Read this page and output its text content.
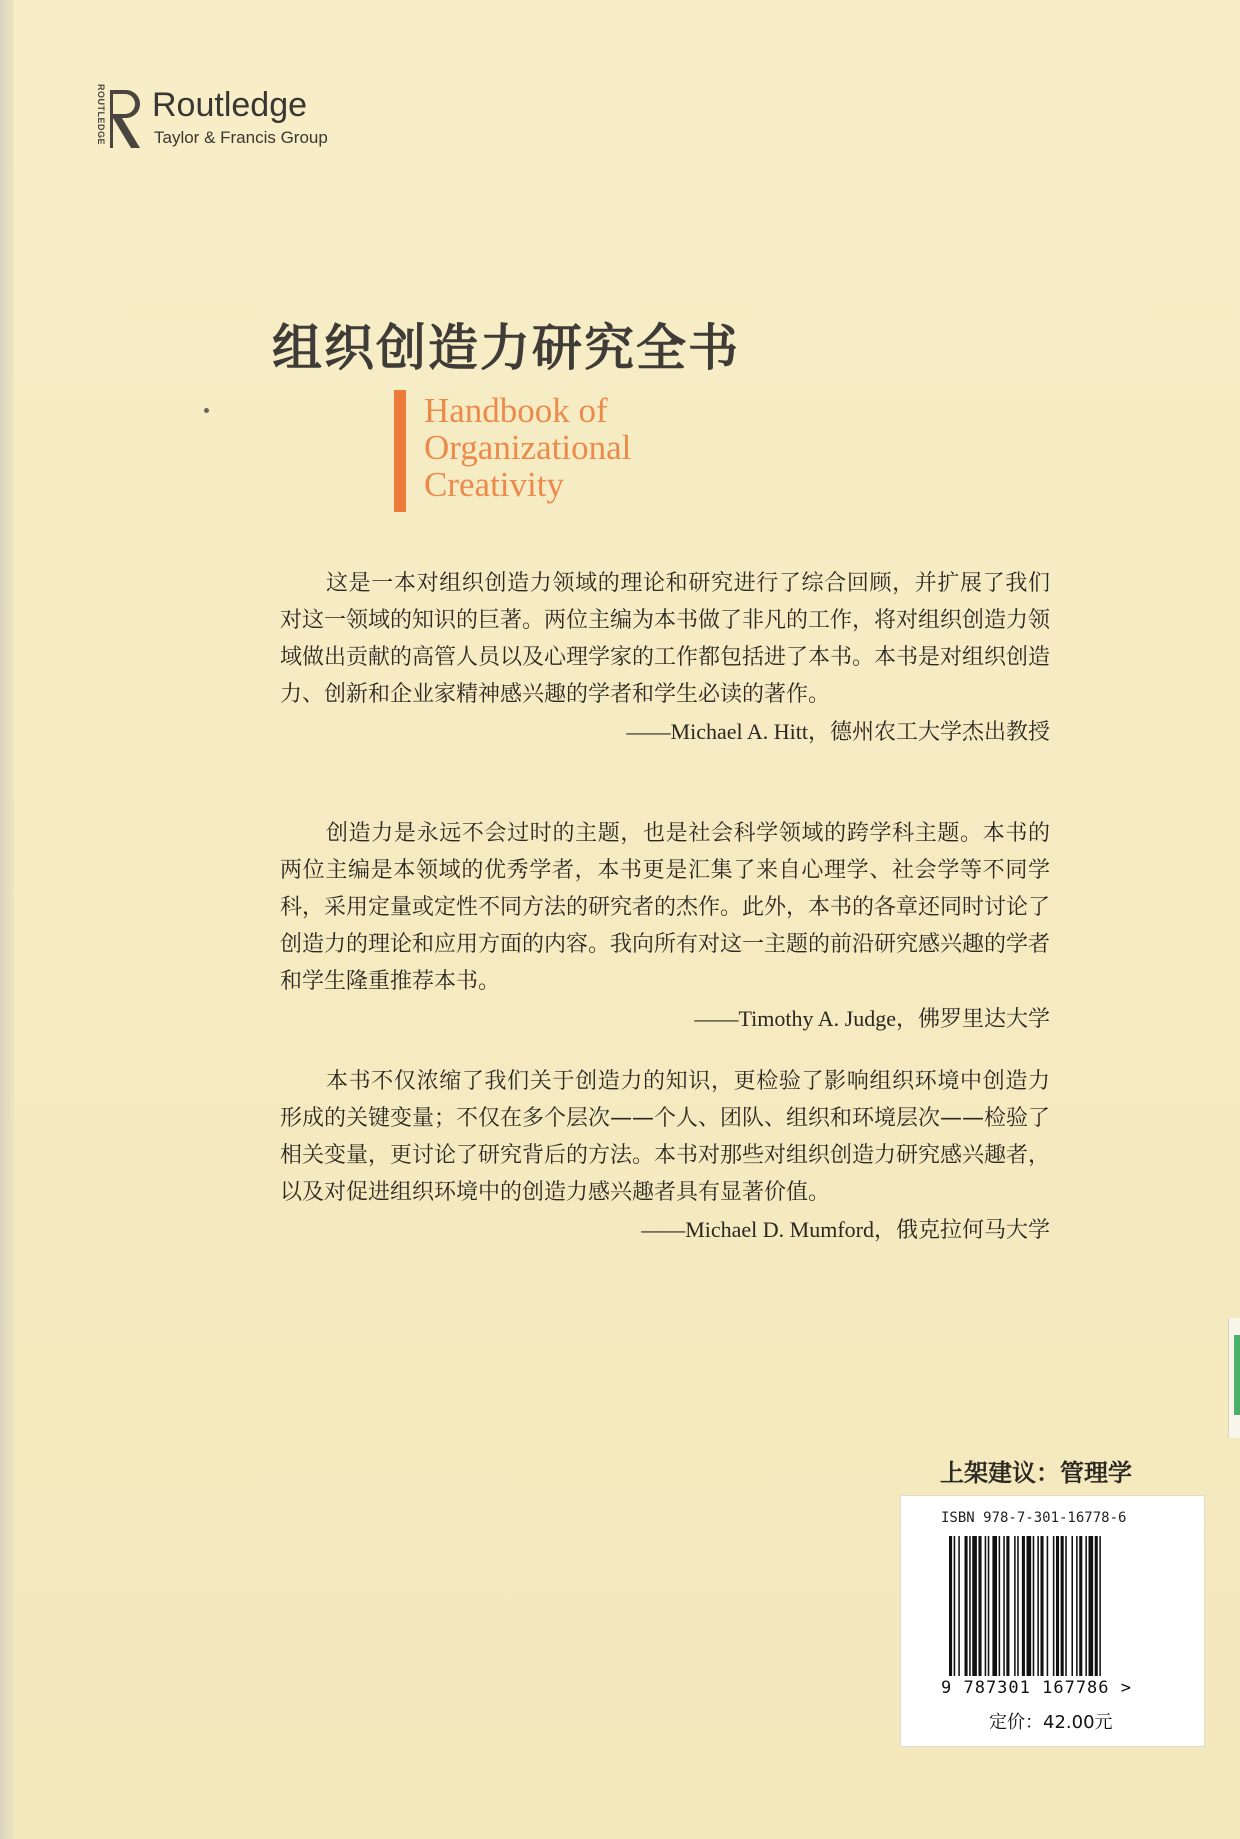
ROUTLEDGE Routledge
Taylor & Francis Group
组织创造力研究全书
Handbook of
Organizational
Creativity

这是一本对组织创造力领域的理论和研究进行了综合回顾，并扩展了我们对这一领域的知识的巨著。两位主编为本书做了非凡的工作，将对组织创造力领域做出贡献的高管人员以及心理学家的工作都包括进了本书。本书是对组织创造力、创新和企业家精神感兴趣的学者和学生必读的著作。

——Michael A. Hitt，德州农工大学杰出教授

创造力是永远不会过时的主题，也是社会科学领域的跨学科主题。本书的两位主编是本领域的优秀学者，本书更是汇集了来自心理学、社会学等不同学科，采用定量或定性不同方法的研究者的杰作。此外，本书的各章还同时讨论了创造力的理论和应用方面的内容。我向所有对这一主题的前沿研究感兴趣的学者和学生隆重推荐本书。

——Timothy A. Judge，佛罗里达大学

本书不仅浓缩了我们关于创造力的知识，更检验了影响组织环境中创造力形成的关键变量；不仅在多个层次——个人、团队、组织和环境层次——检验了相关变量，更讨论了研究背后的方法。本书对那些对组织创造力研究感兴趣者，以及对促进组织环境中的创造力感兴趣者具有显著价值。

——Michael D. Mumford，俄克拉何马大学
上架建议：管理学
ISBN 978-7-301-16778-6
9 787301 167786 >
定价：42.00元
